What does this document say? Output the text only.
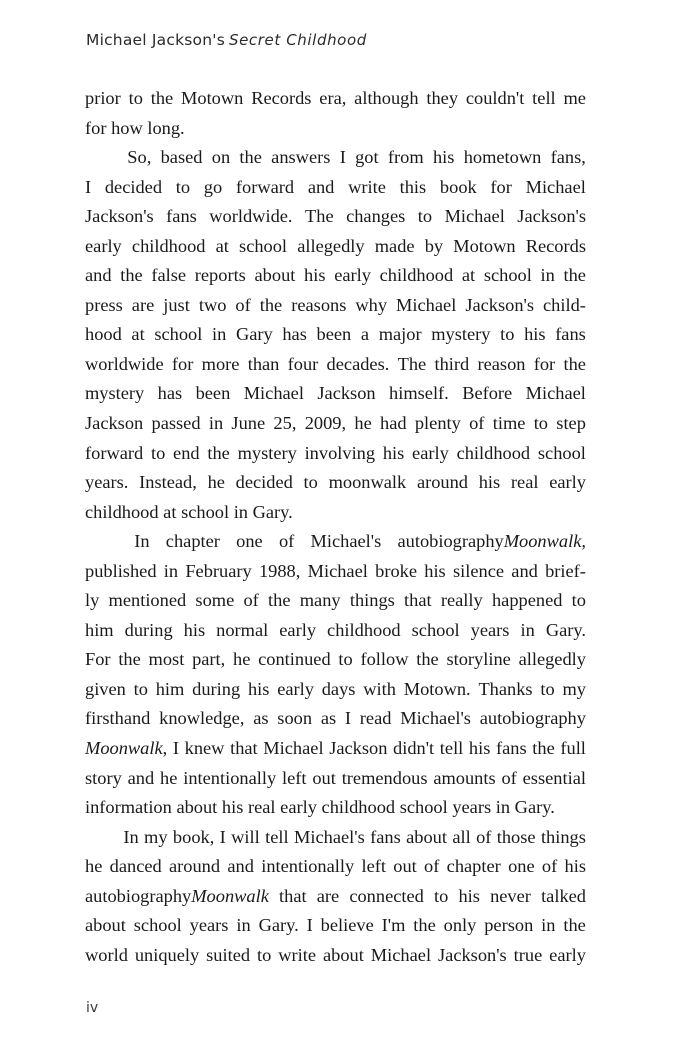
Michael Jackson's Secret Childhood
prior to the Motown Records era, although they couldn't tell me
for how long.
So, based on the answers I got from his hometown fans,
I decided to go forward and write this book for Michael
Jackson's fans worldwide. The changes to Michael Jackson's
early childhood at school allegedly made by Motown Records
and the false reports about his early childhood at school in the
press are just two of the reasons why Michael Jackson's child-
hood at school in Gary has been a major mystery to his fans
worldwide for more than four decades. The third reason for the
mystery has been Michael Jackson himself. Before Michael
Jackson passed in June 25, 2009, he had plenty of time to step
forward to end the mystery involving his early childhood school
years. Instead, he decided to moonwalk around his real early
childhood at school in Gary.
In chapter one of Michael's autobiographyMoonwalk,
published in February 1988, Michael broke his silence and brief-
ly mentioned some of the many things that really happened to
him during his normal early childhood school years in Gary.
For the most part, he continued to follow the storyline allegedly
given to him during his early days with Motown. Thanks to my
firsthand knowledge, as soon as I read Michael's autobiography
Moonwalk, I knew that Michael Jackson didn't tell his fans the full
story and he intentionally left out tremendous amounts of essential
information about his real early childhood school years in Gary.
In my book, I will tell Michael's fans about all of those things
he danced around and intentionally left out of chapter one of his
autobiographyMoonwalk that are connected to his never talked
about school years in Gary. I believe I'm the only person in the
world uniquely suited to write about Michael Jackson's true early
iv
